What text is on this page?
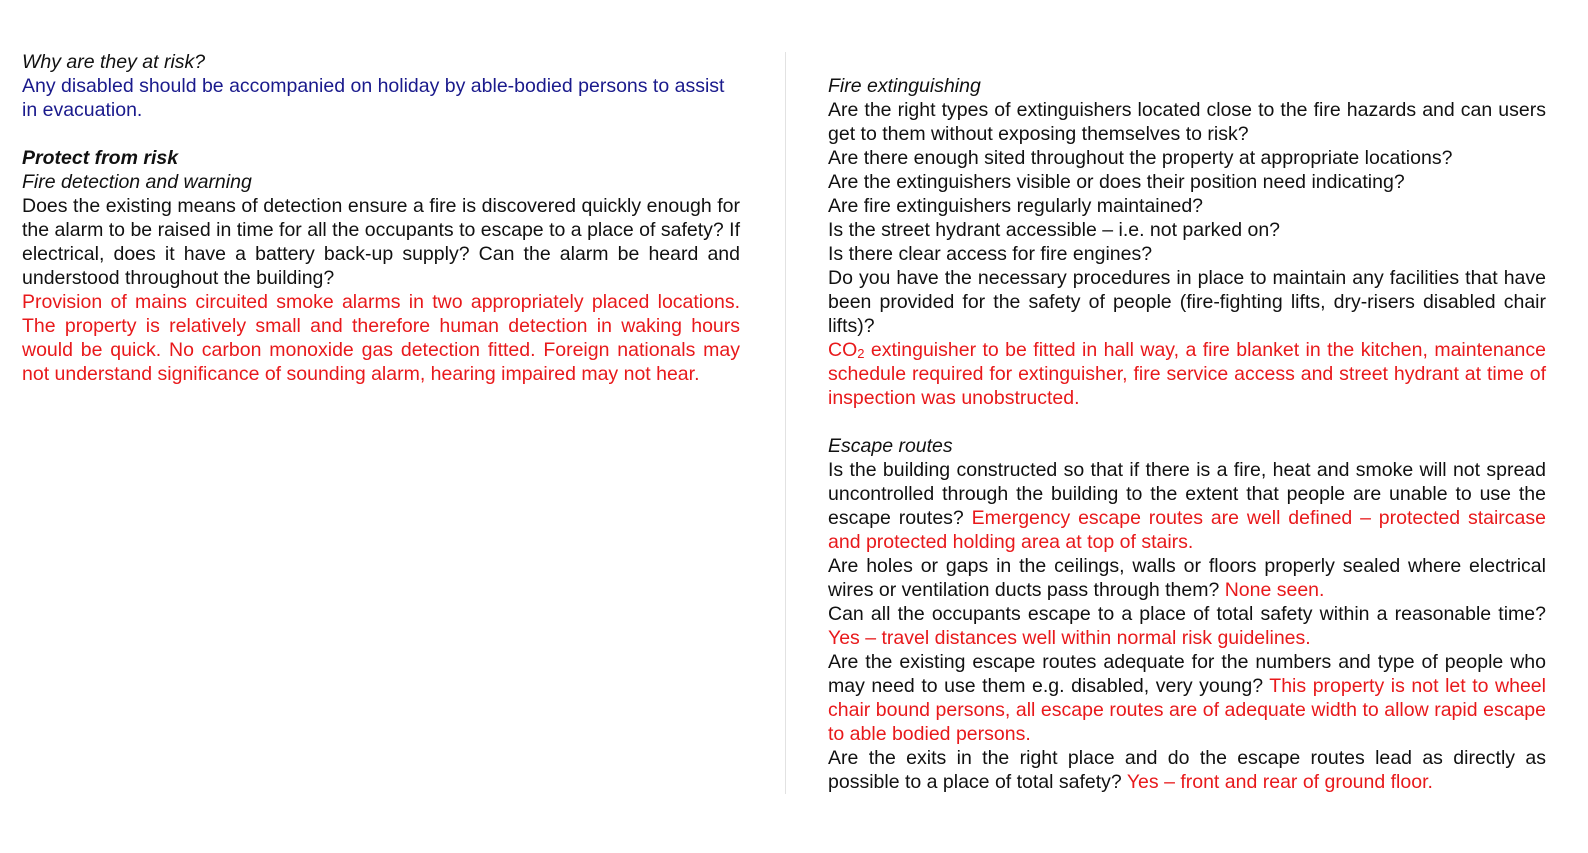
Why are they at risk?

Any disabled should be accompanied on holiday by able-bodied persons to assist in evacuation.

Protect from risk

Fire detection and warning

Does the existing means of detection ensure a fire is discovered quickly enough for the alarm to be raised in time for all the occupants to escape to a place of safety? If electrical, does it have a battery back-up supply? Can the alarm be heard and understood throughout the building?

Provision of mains circuited smoke alarms in two appropriately placed locations. The property is relatively small and therefore human detection in waking hours would be quick. No carbon monoxide gas detection fitted. Foreign nationals may not understand significance of sounding alarm, hearing impaired may not hear.

Fire extinguishing

Are the right types of extinguishers located close to the fire hazards and can users get to them without exposing themselves to risk?

Are there enough sited throughout the property at appropriate locations?

Are the extinguishers visible or does their position need indicating?

Are fire extinguishers regularly maintained?

Is the street hydrant accessible – i.e. not parked on?

Is there clear access for fire engines?

Do you have the necessary procedures in place to maintain any facilities that have been provided for the safety of people (fire-fighting lifts, dry-risers disabled chair lifts)?

$CO_2$ extinguisher to be fitted in hall way, a fire blanket in the kitchen, maintenance schedule required for extinguisher, fire service access and street hydrant at time of inspection was unobstructed.

Escape routes

Is the building constructed so that if there is a fire, heat and smoke will not spread uncontrolled through the building to the extent that people are unable to use the escape routes? Emergency escape routes are well defined – protected staircase and protected holding area at top of stairs.

Are holes or gaps in the ceilings, walls or floors properly sealed where electrical wires or ventilation ducts pass through them? None seen.

Can all the occupants escape to a place of total safety within a reasonable time? Yes – travel distances well within normal risk guidelines.

Are the existing escape routes adequate for the numbers and type of people who may need to use them e.g. disabled, very young? This property is not let to wheel chair bound persons, all escape routes are of adequate width to allow rapid escape to able bodied persons.

Are the exits in the right place and do the escape routes lead as directly as possible to a place of total safety? Yes – front and rear of ground floor.
